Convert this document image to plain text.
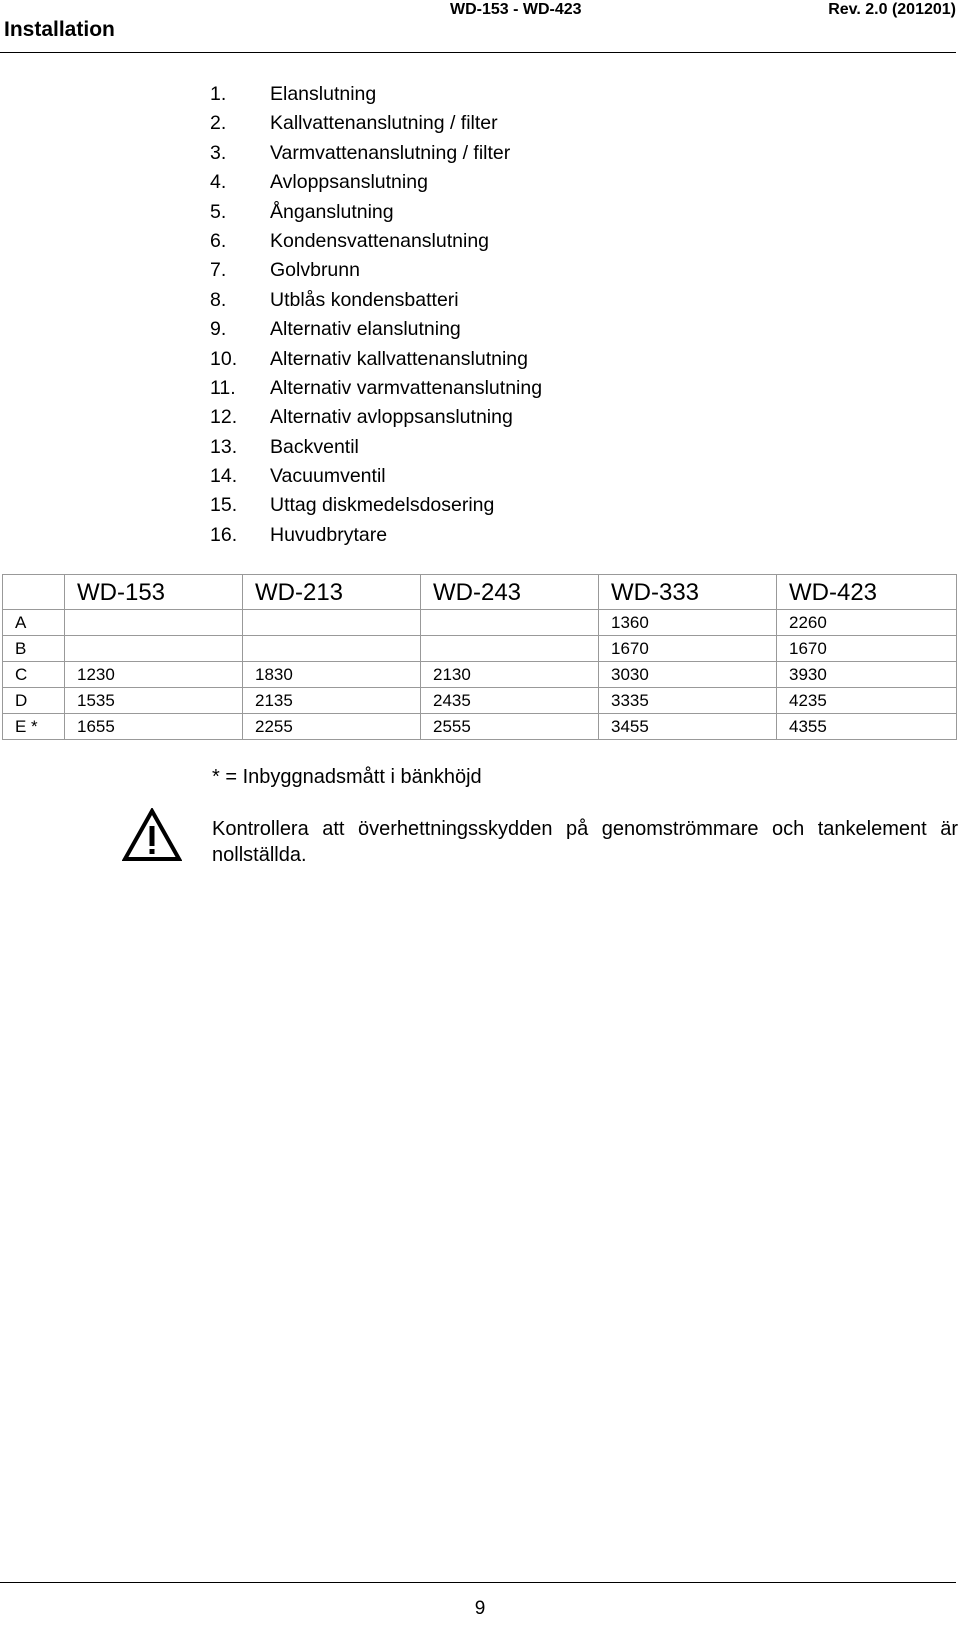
Installation
WD-153 - WD-423	Rev. 2.0 (201201)
1. Elanslutning
2. Kallvattenanslutning / filter
3. Varmvattenanslutning / filter
4. Avloppsanslutning
5. Ånganslutning
6. Kondensvattenanslutning
7. Golvbrunn
8. Utblås kondensbatteri
9. Alternativ elanslutning
10. Alternativ kallvattenanslutning
11. Alternativ varmvattenanslutning
12. Alternativ avloppsanslutning
13. Backventil
14. Vacuumventil
15. Uttag diskmedelsdosering
16. Huvudbrytare
	WD-153	WD-213	WD-243	WD-333	WD-423
A				1360	2260
B				1670	1670
C	1230	1830	2130	3030	3930
D	1535	2135	2435	3335	4235
E *	1655	2255	2555	3455	4355
* = Inbyggnadsmått i bänkhöjd
Kontrollera att överhettningsskydden på genomströmmare och tankelement är nollställda.
9
